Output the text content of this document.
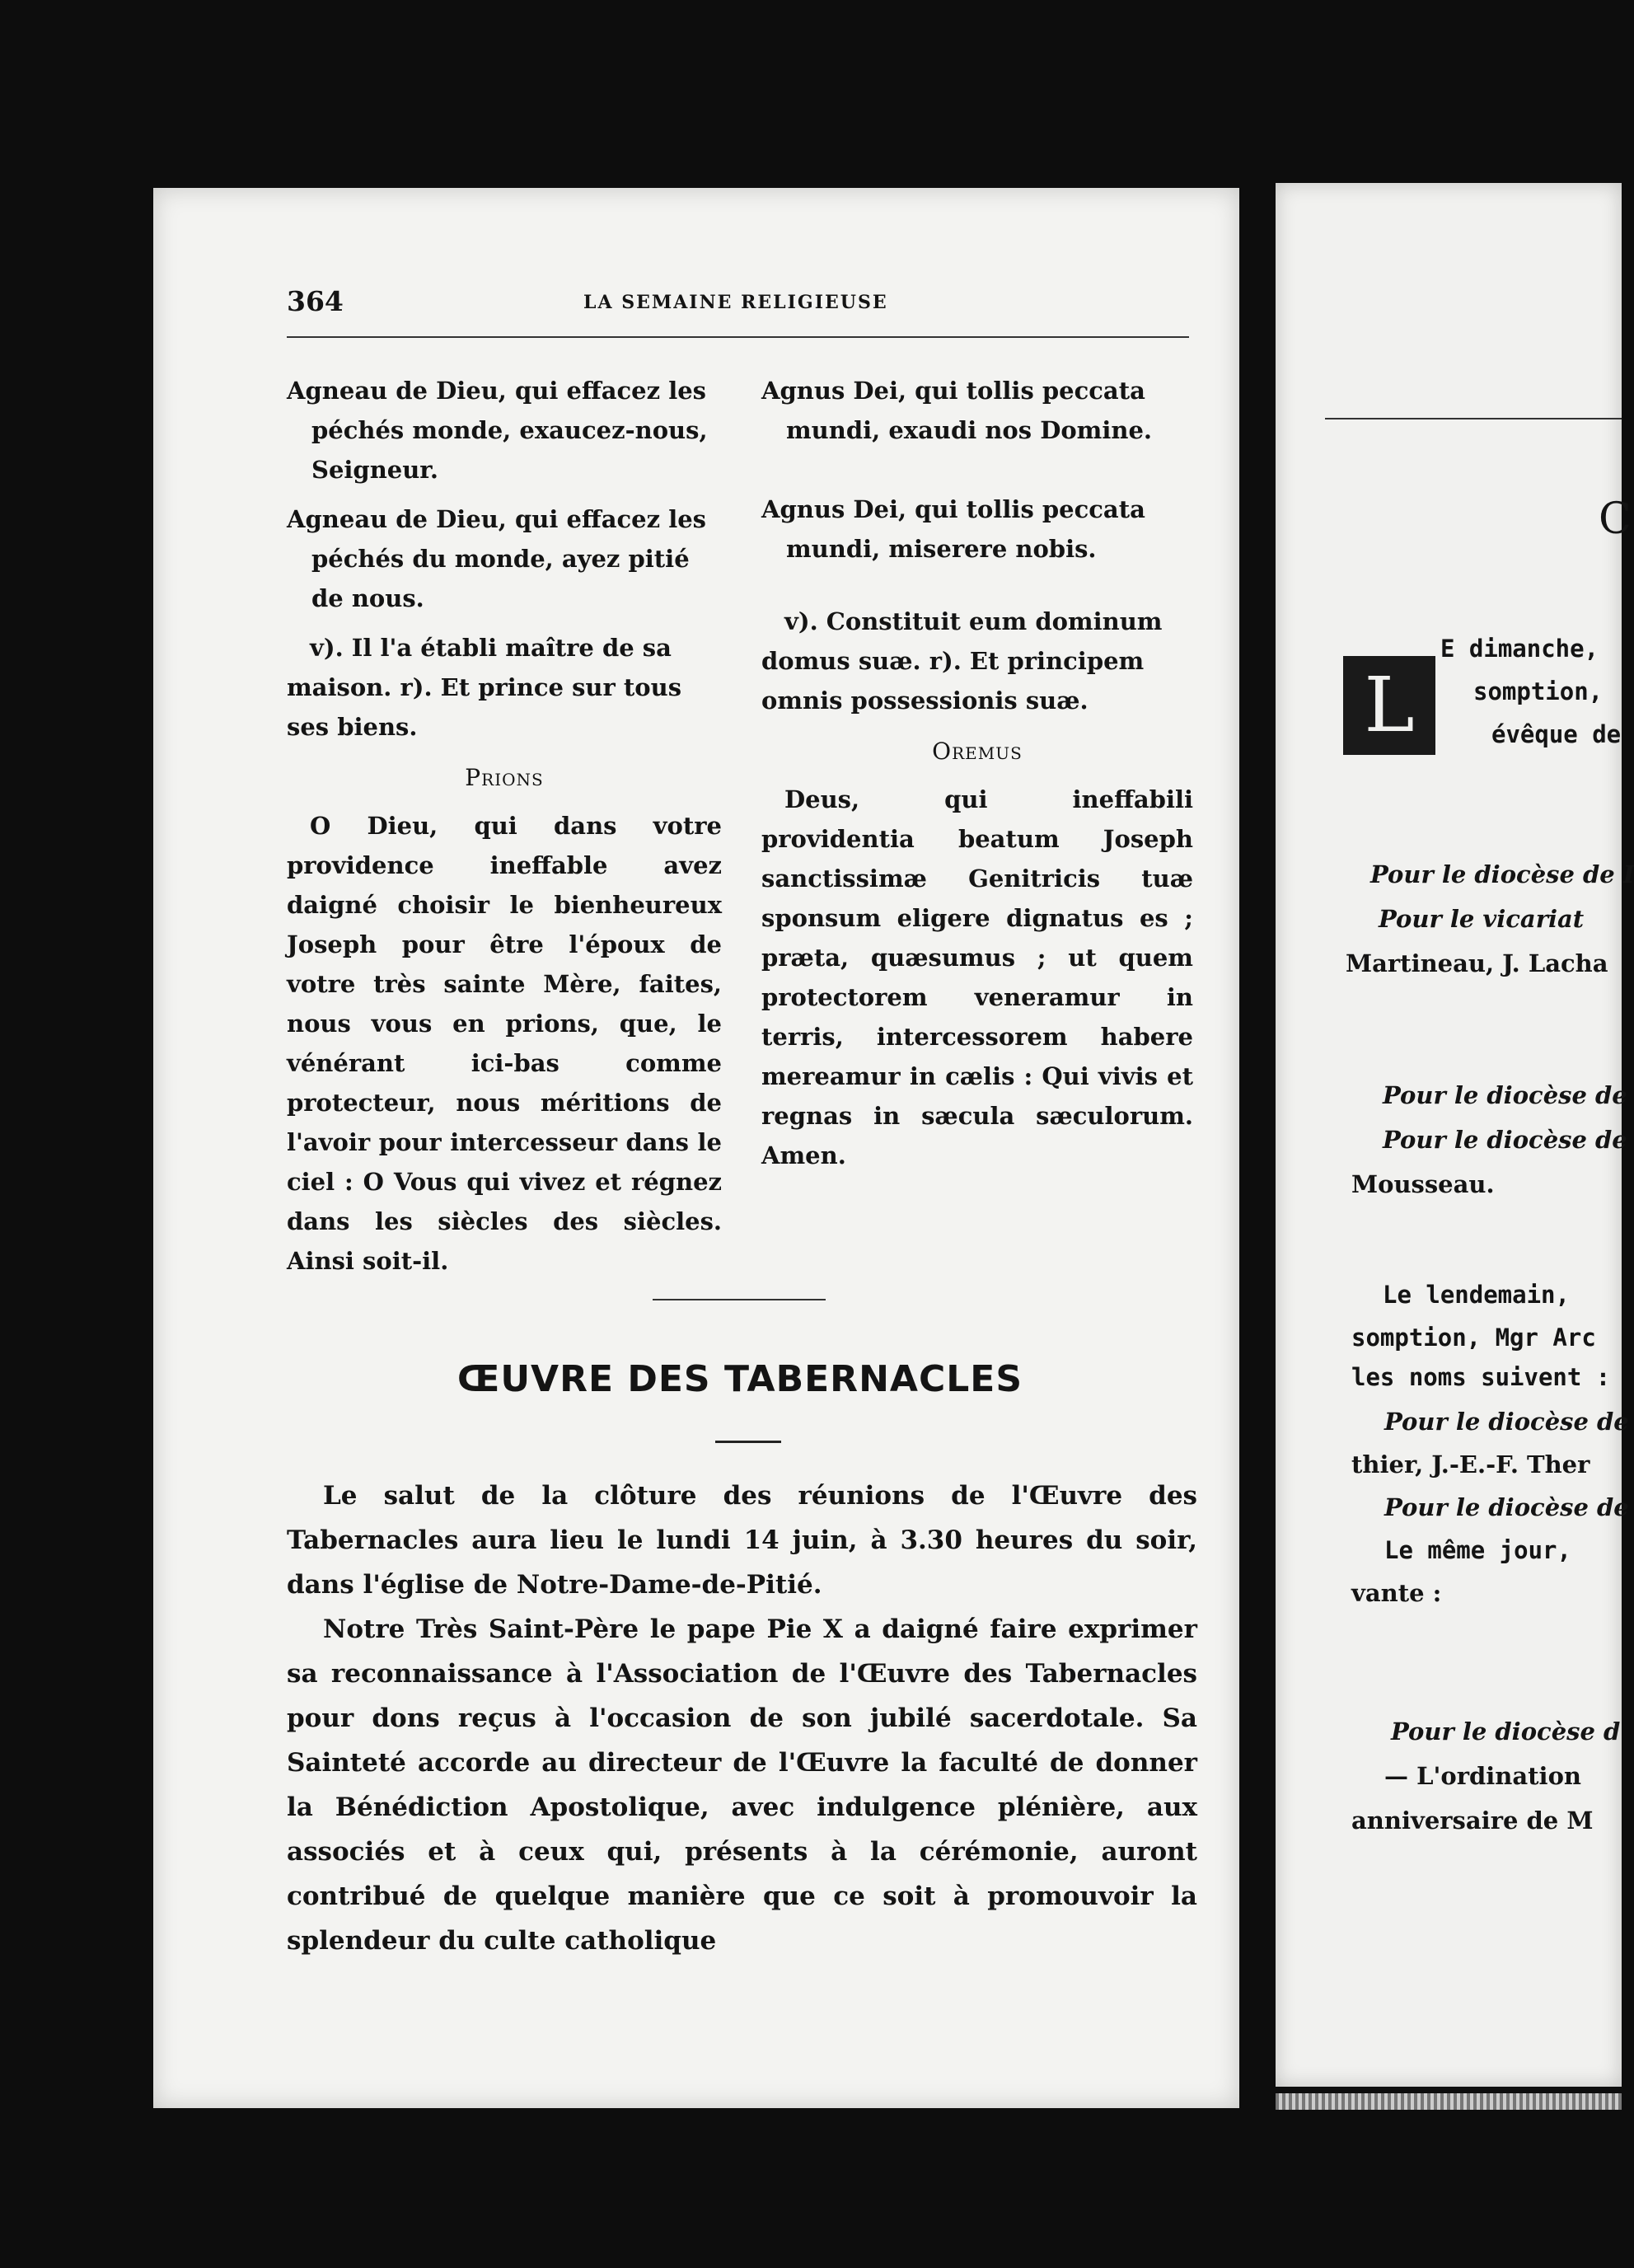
364	LA SEMAINE RELIGIEUSE

Agneau de Dieu, qui effacez les péchés monde, exaucez-nous, Seigneur.

Agneau de Dieu, qui effacez les péchés du monde, ayez pitié de nous.

v). Il l'a établi maître de sa maison. r). Et prince sur tous ses biens.

Prions

O Dieu, qui dans votre providence ineffable avez daigné choisir le bienheureux Joseph pour être l'époux de votre très sainte Mère, faites, nous vous en prions, que, le vénérant ici-bas comme protecteur, nous méritions de l'avoir pour intercesseur dans le ciel : O Vous qui vivez et régnez dans les siècles des siècles. Ainsi soit-il.

Agnus Dei, qui tollis peccata mundi, exaudi nos Domine.

Agnus Dei, qui tollis peccata mundi, miserere nobis.

v). Constituit eum dominum domus suæ. r). Et principem omnis possessionis suæ.

Oremus

Deus, qui ineffabili providentia beatum Joseph sanctissimæ Genitricis tuæ sponsum eligere dignatus es ; præta, quæsumus ; ut quem protectorem veneramur in terris, intercessorem habere mereamur in cælis : Qui vivis et regnas in sæcula sæculorum. Amen.

ŒUVRE DES TABERNACLES

Le salut de la clôture des réunions de l'Œuvre des Tabernacles aura lieu le lundi 14 juin, à 3.30 heures du soir, dans l'église de Notre-Dame-de-Pitié.

Notre Très Saint-Père le pape Pie X a daigné faire exprimer sa reconnaissance à l'Association de l'Œuvre des Tabernacles pour dons reçus à l'occasion de son jubilé sacerdotale. Sa Sainteté accorde au directeur de l'Œuvre la faculté de donner la Bénédiction Apostolique, avec indulgence plénière, aux associés et à ceux qui, présents à la cérémonie, auront contribué de quelque manière que ce soit à promouvoir la splendeur du culte catholique

C
L
E dimanche,
somption,
évêque de
Pour le diocèse de I
Pour le vicariat
Martineau, J. Lacha
Pour le diocèse de
Pour le diocèse de
Mousseau.
Le lendemain,
somption, Mgr Arc
les noms suivent :
Pour le diocèse de
thier, J.-E.-F. Ther
Pour le diocèse de
Le même jour,
vante :
Pour le diocèse d
— L'ordination
anniversaire de M
